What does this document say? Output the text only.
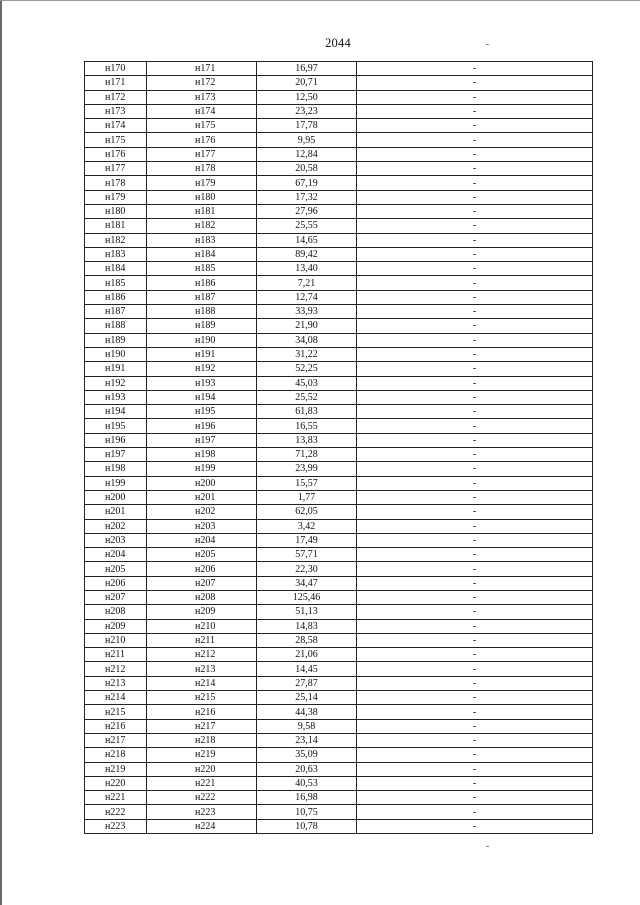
2044
н170	н171	16,97	-
н171	н172	20,71	-
н172	н173	12,50	-
н173	н174	23,23	-
н174	н175	17,78	-
н175	н176	9,95	-
н176	н177	12,84	-
н177	н178	20,58	-
н178	н179	67,19	-
н179	н180	17,32	-
н180	н181	27,96	-
н181	н182	25,55	-
н182	н183	14,65	-
н183	н184	89,42	-
н184	н185	13,40	-
н185	н186	7,21	-
н186	н187	12,74	-
н187	н188	33,93	-
н188	н189	21,90	-
н189	н190	34,08	-
н190	н191	31,22	-
н191	н192	52,25	-
н192	н193	45,03	-
н193	н194	25,52	-
н194	н195	61,83	-
н195	н196	16,55	-
н196	н197	13,83	-
н197	н198	71,28	-
н198	н199	23,99	-
н199	н200	15,57	-
н200	н201	1,77	-
н201	н202	62,05	-
н202	н203	3,42	-
н203	н204	17,49	-
н204	н205	57,71	-
н205	н206	22,30	-
н206	н207	34,47	-
н207	н208	125,46	-
н208	н209	51,13	-
н209	н210	14,83	-
н210	н211	28,58	-
н211	н212	21,06	-
н212	н213	14,45	-
н213	н214	27,87	-
н214	н215	25,14	-
н215	н216	44,38	-
н216	н217	9,58	-
н217	н218	23,14	-
н218	н219	35,09	-
н219	н220	20,63	-
н220	н221	40,53	-
н221	н222	16,98	-
н222	н223	10,75	-
н223	н224	10,78	-
